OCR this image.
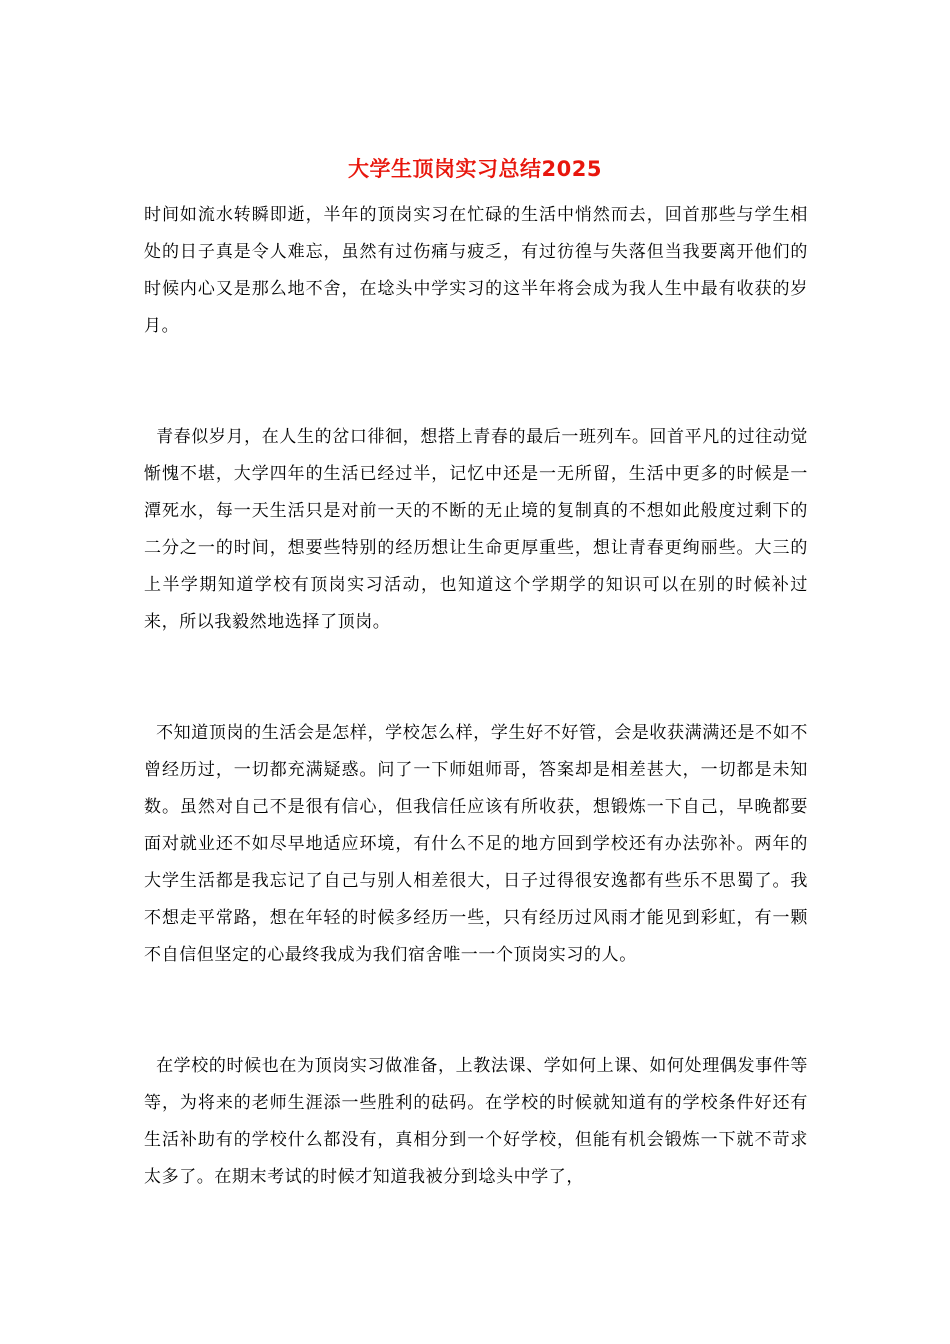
大学生顶岗实习总结2025

时间如流水转瞬即逝，半年的顶岗实习在忙碌的生活中悄然而去，回首那些与学生相处的日子真是令人难忘，虽然有过伤痛与疲乏，有过彷徨与失落但当我要离开他们的时候内心又是那么地不舍，在埝头中学实习的这半年将会成为我人生中最有收获的岁月。

青春似岁月，在人生的岔口徘徊，想搭上青春的最后一班列车。回首平凡的过往动觉惭愧不堪，大学四年的生活已经过半，记忆中还是一无所留，生活中更多的时候是一潭死水，每一天生活只是对前一天的不断的无止境的复制真的不想如此般度过剩下的二分之一的时间，想要些特别的经历想让生命更厚重些，想让青春更绚丽些。大三的上半学期知道学校有顶岗实习活动，也知道这个学期学的知识可以在别的时候补过来，所以我毅然地选择了顶岗。

不知道顶岗的生活会是怎样，学校怎么样，学生好不好管，会是收获满满还是不如不曾经历过，一切都充满疑惑。问了一下师姐师哥，答案却是相差甚大，一切都是未知数。虽然对自己不是很有信心，但我信任应该有所收获，想锻炼一下自己，早晚都要面对就业还不如尽早地适应环境，有什么不足的地方回到学校还有办法弥补。两年的大学生活都是我忘记了自己与别人相差很大，日子过得很安逸都有些乐不思蜀了。我不想走平常路，想在年轻的时候多经历一些，只有经历过风雨才能见到彩虹，有一颗不自信但坚定的心最终我成为我们宿舍唯一一个顶岗实习的人。

在学校的时候也在为顶岗实习做准备，上教法课、学如何上课、如何处理偶发事件等等，为将来的老师生涯添一些胜利的砝码。在学校的时候就知道有的学校条件好还有生活补助有的学校什么都没有，真相分到一个好学校，但能有机会锻炼一下就不苛求太多了。在期末考试的时候才知道我被分到埝头中学了，
